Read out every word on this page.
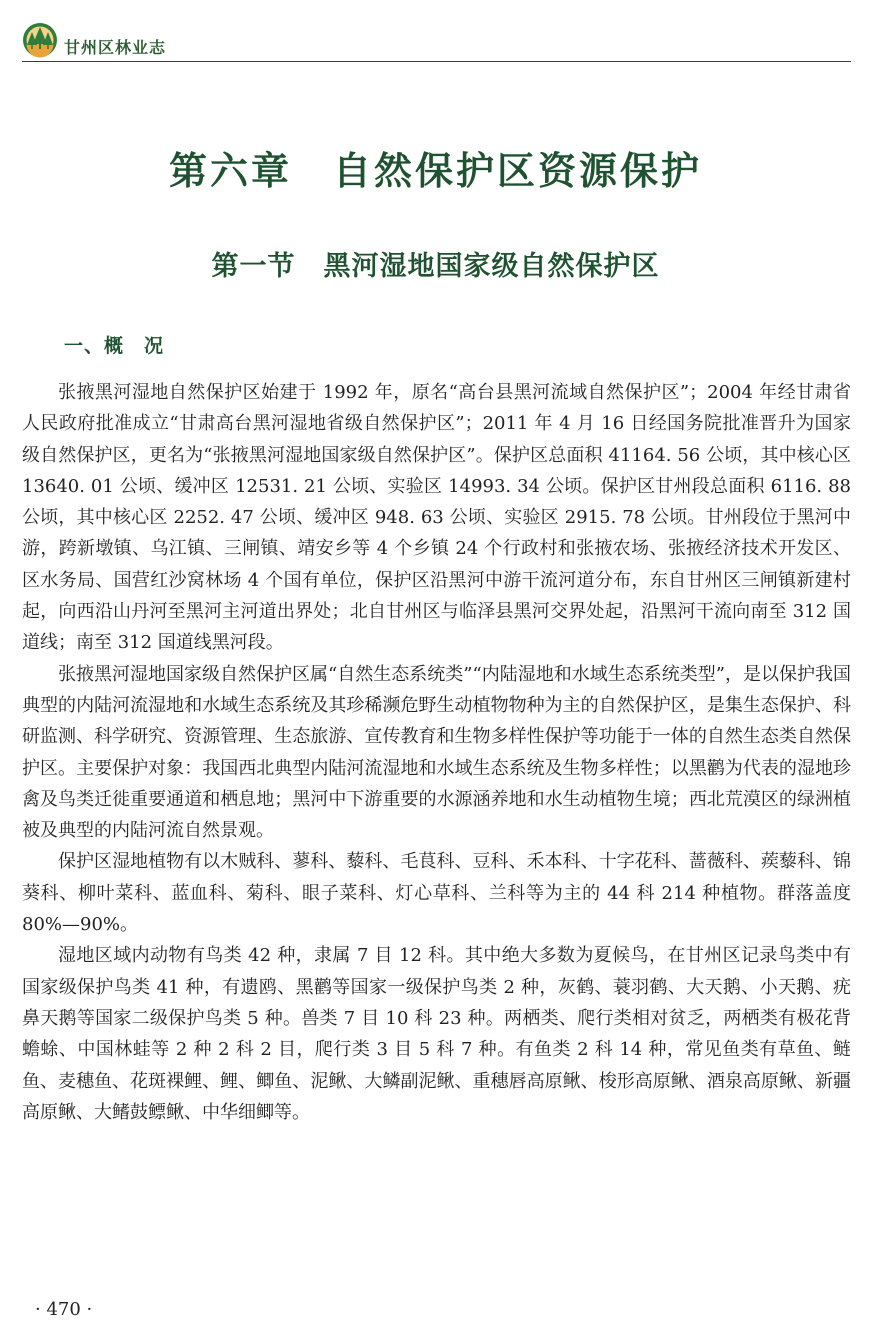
甘州区林业志
第六章　自然保护区资源保护
第一节　黑河湿地国家级自然保护区
一、概　况

张掖黑河湿地自然保护区始建于 1992 年，原名“高台县黑河流域自然保护区”；2004 年经甘肃省人民政府批准成立“甘肃高台黑河湿地省级自然保护区”；2011 年 4 月 16 日经国务院批准晋升为国家级自然保护区，更名为“张掖黑河湿地国家级自然保护区”。保护区总面积 41164. 56 公顷，其中核心区 13640. 01 公顷、缓冲区 12531. 21 公顷、实验区 14993. 34 公顷。保护区甘州段总面积 6116. 88 公顷，其中核心区 2252. 47 公顷、缓冲区 948. 63 公顷、实验区 2915. 78 公顷。甘州段位于黑河中游，跨新墩镇、乌江镇、三闸镇、靖安乡等 4 个乡镇 24 个行政村和张掖农场、张掖经济技术开发区、区水务局、国营红沙窝林场 4 个国有单位，保护区沿黑河中游干流河道分布，东自甘州区三闸镇新建村起，向西沿山丹河至黑河主河道出界处；北自甘州区与临泽县黑河交界处起，沿黑河干流向南至 312 国道线；南至 312 国道线黑河段。

张掖黑河湿地国家级自然保护区属“自然生态系统类”“内陆湿地和水域生态系统类型”，是以保护我国典型的内陆河流湿地和水域生态系统及其珍稀濒危野生动植物物种为主的自然保护区，是集生态保护、科研监测、科学研究、资源管理、生态旅游、宣传教育和生物多样性保护等功能于一体的自然生态类自然保护区。主要保护对象：我国西北典型内陆河流湿地和水域生态系统及生物多样性；以黑鹳为代表的湿地珍禽及鸟类迁徙重要通道和栖息地；黑河中下游重要的水源涵养地和水生动植物生境；西北荒漠区的绿洲植被及典型的内陆河流自然景观。

保护区湿地植物有以木贼科、蓼科、藜科、毛茛科、豆科、禾本科、十字花科、蔷薇科、蒺藜科、锦葵科、柳叶菜科、蓝血科、菊科、眼子菜科、灯心草科、兰科等为主的 44 科 214 种植物。群落盖度 80%—90%。

湿地区域内动物有鸟类 42 种，隶属 7 目 12 科。其中绝大多数为夏候鸟，在甘州区记录鸟类中有国家级保护鸟类 41 种，有遗鸥、黑鹳等国家一级保护鸟类 2 种，灰鹤、蓑羽鹤、大天鹅、小天鹅、疣鼻天鹅等国家二级保护鸟类 5 种。兽类 7 目 10 科 23 种。两栖类、爬行类相对贫乏，两栖类有极花背蟾蜍、中国林蛙等 2 种 2 科 2 目，爬行类 3 目 5 科 7 种。有鱼类 2 科 14 种，常见鱼类有草鱼、鲢鱼、麦穗鱼、花斑裸鲤、鲤、鲫鱼、泥鳅、大鳞副泥鳅、重穗唇高原鳅、梭形高原鳅、酒泉高原鳅、新疆高原鳅、大鳍鼓鳔鳅、中华细鲫等。

· 470 ·
